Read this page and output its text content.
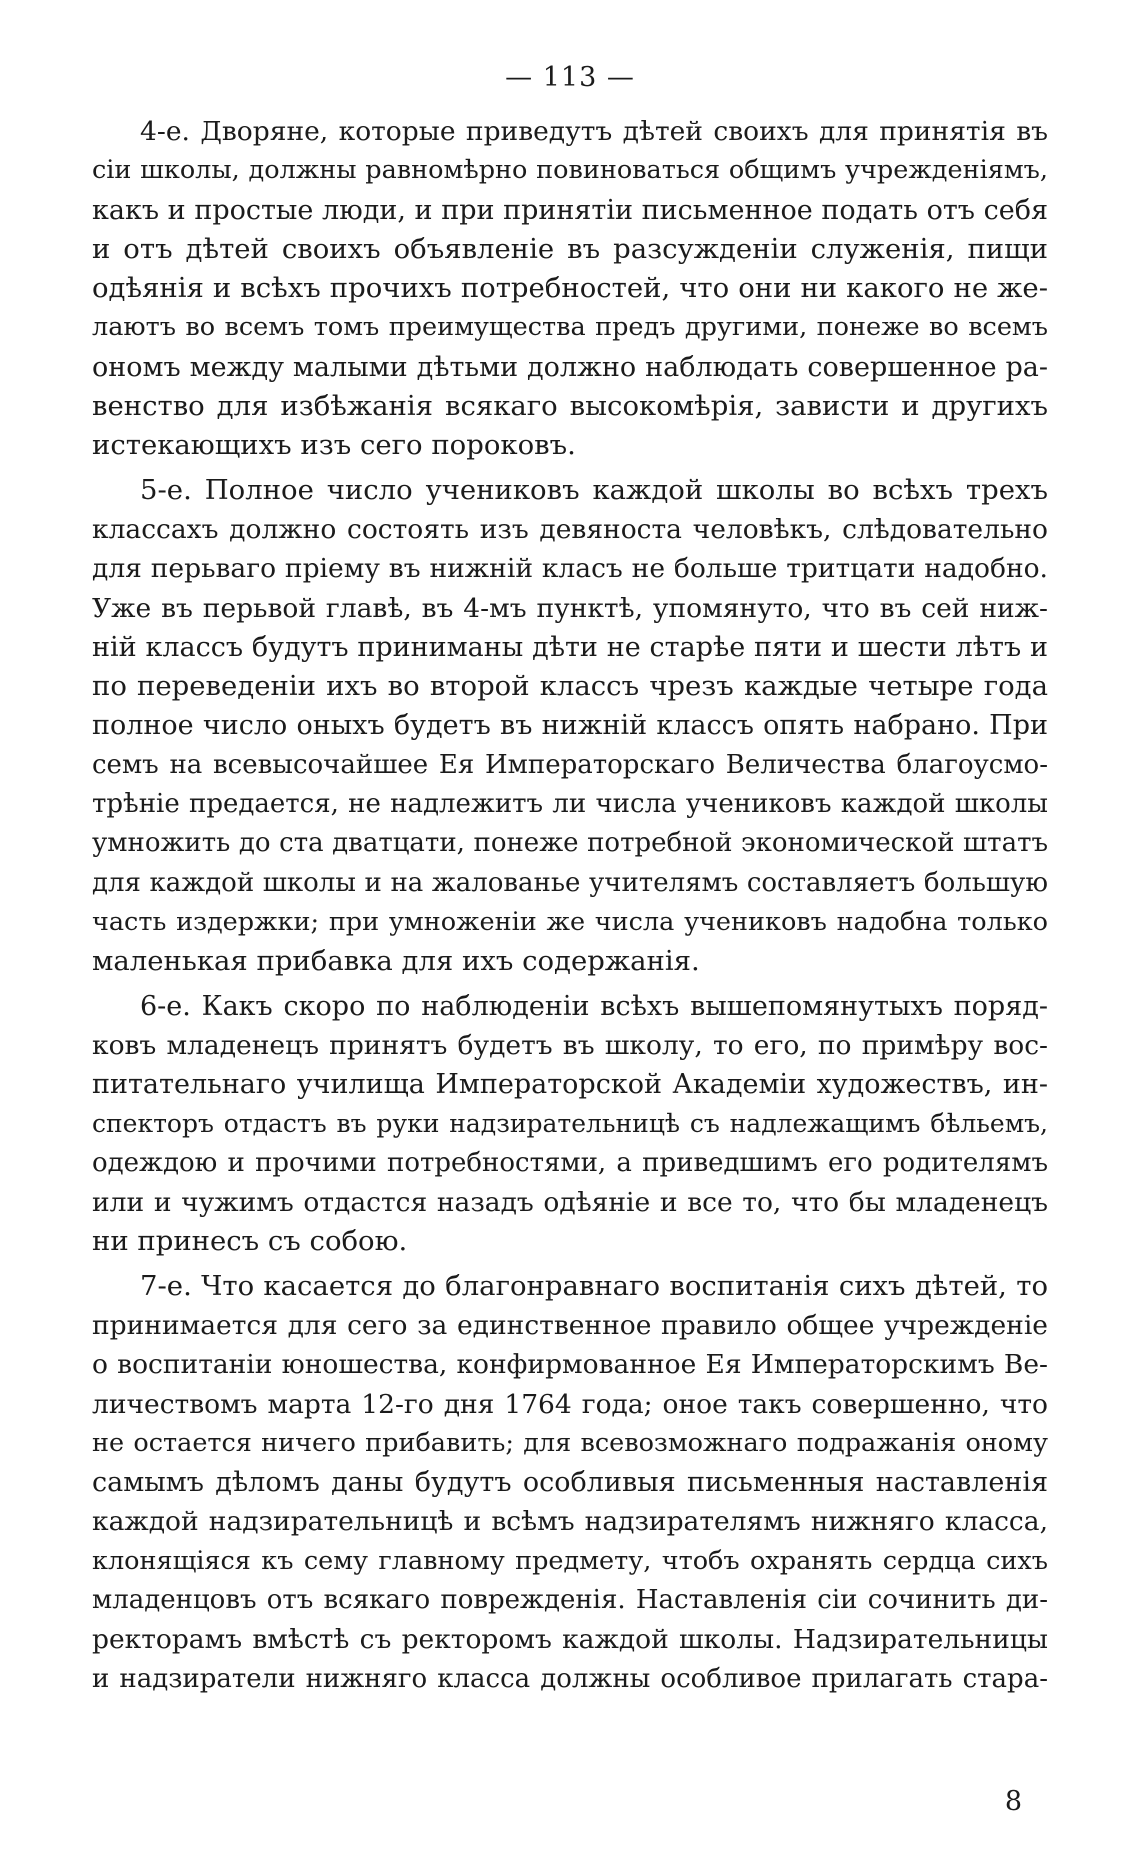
— 113 —
4-е. Дворяне, которые приведутъ дѣтей своихъ для принятія въ
сіи школы, должны равномѣрно повиноваться общимъ учрежденіямъ,
какъ и простые люди, и при принятіи письменное подать отъ себя
и отъ дѣтей своихъ объявленіе въ разсужденіи служенія, пищи
одѣянія и всѣхъ прочихъ потребностей, что они ни какого не же-
лаютъ во всемъ томъ преимущества предъ другими, понеже во всемъ
ономъ между малыми дѣтьми должно наблюдать совершенное ра-
венство для избѣжанія всякаго высокомѣрія, зависти и другихъ
истекающихъ изъ сего пороковъ.
5-е. Полное число учениковъ каждой школы во всѣхъ трехъ
классахъ должно состоять изъ девяноста человѣкъ, слѣдовательно
для перьваго пріему въ нижній класъ не больше тритцати надобно.
Уже въ перьвой главѣ, въ 4-мъ пунктѣ, упомянуто, что въ сей ниж-
ній классъ будутъ приниманы дѣти не старѣе пяти и шести лѣтъ и
по переведеніи ихъ во второй классъ чрезъ каждые четыре года
полное число оныхъ будетъ въ нижній классъ опять набрано. При
семъ на всевысочайшее Ея Императорскаго Величества благоусмо-
трѣніе предается, не надлежитъ ли числа учениковъ каждой школы
умножить до ста дватцати, понеже потребной экономической штатъ
для каждой школы и на жалованье учителямъ составляетъ большую
часть издержки; при умноженіи же числа учениковъ надобна только
маленькая прибавка для ихъ содержанія.
6-е. Какъ скоро по наблюденіи всѣхъ вышепомянутыхъ поряд-
ковъ младенецъ принятъ будетъ въ школу, то его, по примѣру вос-
питательнаго училища Императорской Академіи художествъ, ин-
спекторъ отдастъ въ руки надзирательницѣ съ надлежащимъ бѣльемъ,
одеждою и прочими потребностями, а приведшимъ его родителямъ
или и чужимъ отдастся назадъ одѣяніе и все то, что бы младенецъ
ни принесъ съ собою.
7-е. Что касается до благонравнаго воспитанія сихъ дѣтей, то
принимается для сего за единственное правило общее учрежденіе
о воспитаніи юношества, конфирмованное Ея Императорскимъ Ве-
личествомъ марта 12-го дня 1764 года; оное такъ совершенно, что
не остается ничего прибавить; для всевозможнаго подражанія оному
самымъ дѣломъ даны будутъ особливыя письменныя наставленія
каждой надзирательницѣ и всѣмъ надзирателямъ нижняго класса,
клонящіяся къ сему главному предмету, чтобъ охранять сердца сихъ
младенцовъ отъ всякаго поврежденія. Наставленія сіи сочинить ди-
ректорамъ вмѣстѣ съ ректоромъ каждой школы. Надзирательницы
и надзиратели нижняго класса должны особливое прилагать стара-
8
